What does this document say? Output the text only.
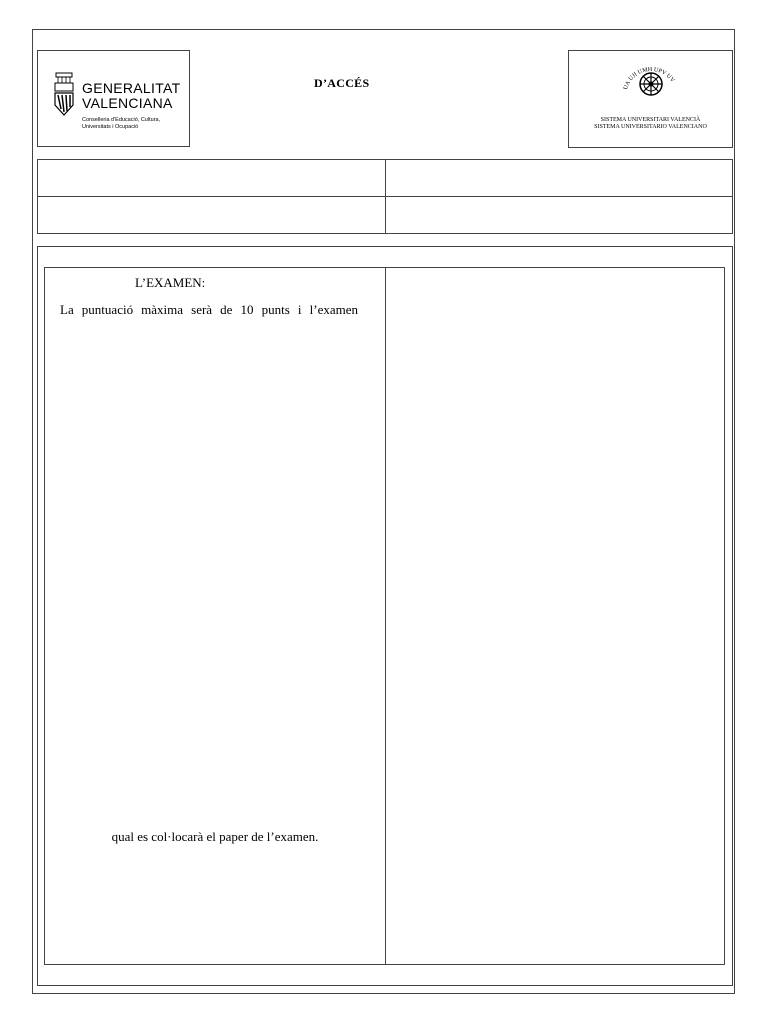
GENERALITAT
VALENCIANA
Conselleria d'Educació, Cultura,
Universitats i Ocupació
D’ACCÉS	UA UJI UMH UPV UV
SISTEMA UNIVERSITARI VALENCIÀ
SISTEMA UNIVERSITARIO VALENCIANO

L’EXAMEN:
La puntuació màxima serà de 10 punts i l’examen
qual es col·locarà el paper de l’examen.
